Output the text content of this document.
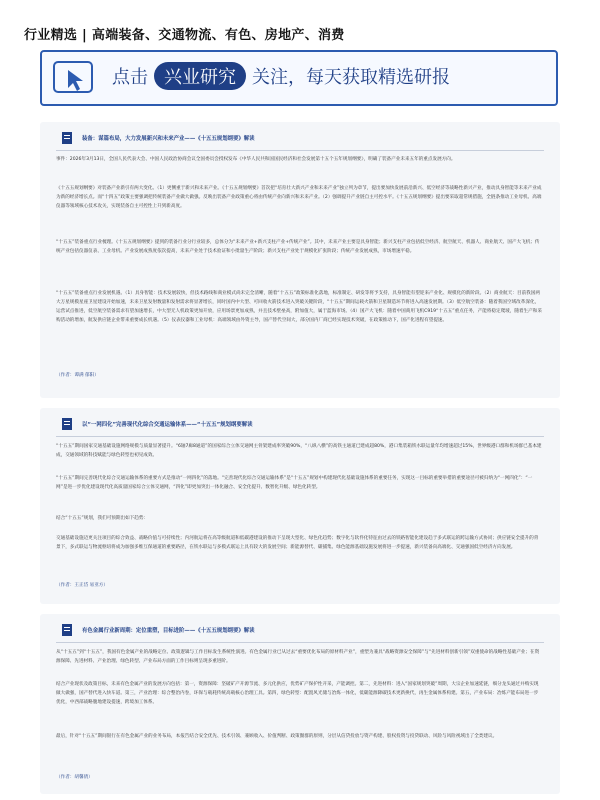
行业精选 | 高端装备、交通物流、有色、房地产、消费
点击 兴业研究 关注，每天获取精选研报
装备：谋篇布局，大力发展新兴和未来产业——《十五五规划纲要》解读
事件：2026年3月13日，全国人民代表大会、中国人民政治协商会议全国委员会授权发布《中华人民共和国国民经济和社会发展第十五个五年规划纲要》，明确了装备产业未来五年的重点发展方向。
《十五五规划纲要》对装备产业新引有两大变化。（1）更侧重于新兴和未来产业。《十五五规划纲要》首次把“培育壮大新兴产业和未来产业”独立列为章节，提出要加快发展前沿新兴、低空经济等战略性新兴产业，推动具身智能等未来产业成为新的经济增长点。而“十四五”政策主要强调把传统装备产业做大做强。反映出装备产业政策重心将由传统产业向新兴和未来产业。（2）强调提升产业链自主可控水平。《十五五规划纲要》提出要采取超常规措施，全链条推动工业母机、高端仪器等领域核心技术攻关，实现装备自主可控性上升到新高度。
“十五五”装备重点行业梳理。《十五五规划纲要》提到的装备行业分行业较多，总体分为“未来产业+新兴支柱产业+传统产业”。其中，未来产业主要是具身智能；新兴支柱产业包括低空经济、航空航天、机器人、商业航天、国产大飞机；传统产业包括仪器仪表、工业母机。产业发展成熟度依次提高，未来产业处于技术验证和小批量生产阶段；新兴支柱产业处于规模化扩张阶段；传统产业发展成熟，市场增速平稳。
“十五五”装备重点行业发展机遇。（1）具身智能：技术发展较快，但技术路线和商业模式尚未完全清晰，随着“十五五”政策标准化落地，标准制定、研发等将予支持，具身智能有望迎来产业化、规模化的新阶段。（2）商业航天：目前我国两大万星规模星座卫星建设开始加速，未来卫星发射数量和发射需求将显著增长，同时国内中大型、可回收火箭技术进入突破关键阶段，“十五五”期间运载火箭和卫星制造环节将进入高速发展期。（3）低空航空装备：随着我国空域改革深化，运营试点推进，低空航空装备需求有望加速增长，中大型无人机政策更加开放，应用场景更加成熟，并且技术壁垒高，附加值大，属于蓝海市场。（4）国产大飞机：随着中国商用飞机C919“十五五”重点任务，产能将稳定爬坡，随着生产和采购活动的增加，航发供应链企业带来重要成长机遇。（5）仪表仪器和工业母机：高端领域由外资主导，国产替代空间大，部分国内厂商已经实现技术突破，在政策推动下，国产化进程有望提速。
（作者：谭满 郁阳）
以“一网四化”完善现代化综合交通运输体系——“十五五”规划纲要解读
“十五五”期间国家交通基础设施网络规模与质量显著提升。“6轴7廊8通道”的国家综合立体交通网主骨架建成率突破90%，“八纵八横”的高铁主通道已建成超80%，港口集装箱铁水联运量年均增速超过15%，世界级港口群和机场群已基本建成，交通领域的科技赋能与绿色转型也初见成效。
“十五五”期间完善现代化综合交通运输体系的重要方式是推动“一网四化”的落地。“完善现代化综合交通运输体系”是“十五五”规划中构建现代化基础设施体系的重要任务，实现这一目标的重要举措的重要途径可被归纳为“一网四化”：“一网”是进一步优化建设现代化高质量国家综合立体交通网，“四化”即更加突出一体化融合、安全化提升、数智化升级、绿色化转型。
结合“十五五”规划，我们可预期出如下趋势：
交通基础设施迈更关注项目的综合效益、战略价值与可持续性；内河航运将在高等级航道和低碳港建设的推动下呈现大型化、绿色化趋势；数字化与软件化特征由过去的铁路智能化建设趋于多式联运的跨运输方式协同；供应链安全提升的背景下，多式联运与物流枢纽将成为加强多维互保通道的重要路径，在铁水联运与多模式联运上具有较大的发展空间；新能源替代、碳捕集、绿色能源基础设施发展将进一步提速，新兴装备向高端化、交通强国低空经济方向发展。
（作者：王正岱 易亚方）
有色金属行业新周期：定位重塑，目标进阶——《十五五规划纲要》解读
从“十五五”到“十五五”，我国有色金属产业的战略定位、政策逻辑与工作目标发生系统性演进。有色金属行业已从过去“重要优化布局的原材料产业”，重塑为兼具“战略资源安全保障”与“先进材料创新引领”双重使命的战略性基础产业；在资源保障、先进材料、产业治理、绿色转型、产业布局方面的工作目标则呈现多重进阶。
结合产业现状及政策目标，未来有色金属产业的发展方向包括：第一，资源保障：坚破矿产开源节流、多元化供应，优势矿产保护性开采，产能调控。第二，先进材料：进入“国家规划突破”周期，大宗企业加速延链，细分龙头通过并购实现做大做强，国产替代进入快车道。第三，产业治理：综合整治内卷，环保与载耗传统高载核心治理工具。第四，绿色转型：配置风光储与冶炼一体化，低碳能源降碳技术更新换代，再生金属体系构建。第五，产业布局：冶炼产能布局进一步优化，中西部战略腹地建设提速，跨境加工体系。
最后，针对“十五五”期间银行在有色金属产业的业务布局，本报告结合安全优先、技术引领、兼顾收入、价值判断、政策圈群的原则，分层从信贷投放与资产构建、股权投资与投贷联动、风险与风险视域出了全类建议。
（作者：胡馨倩）
